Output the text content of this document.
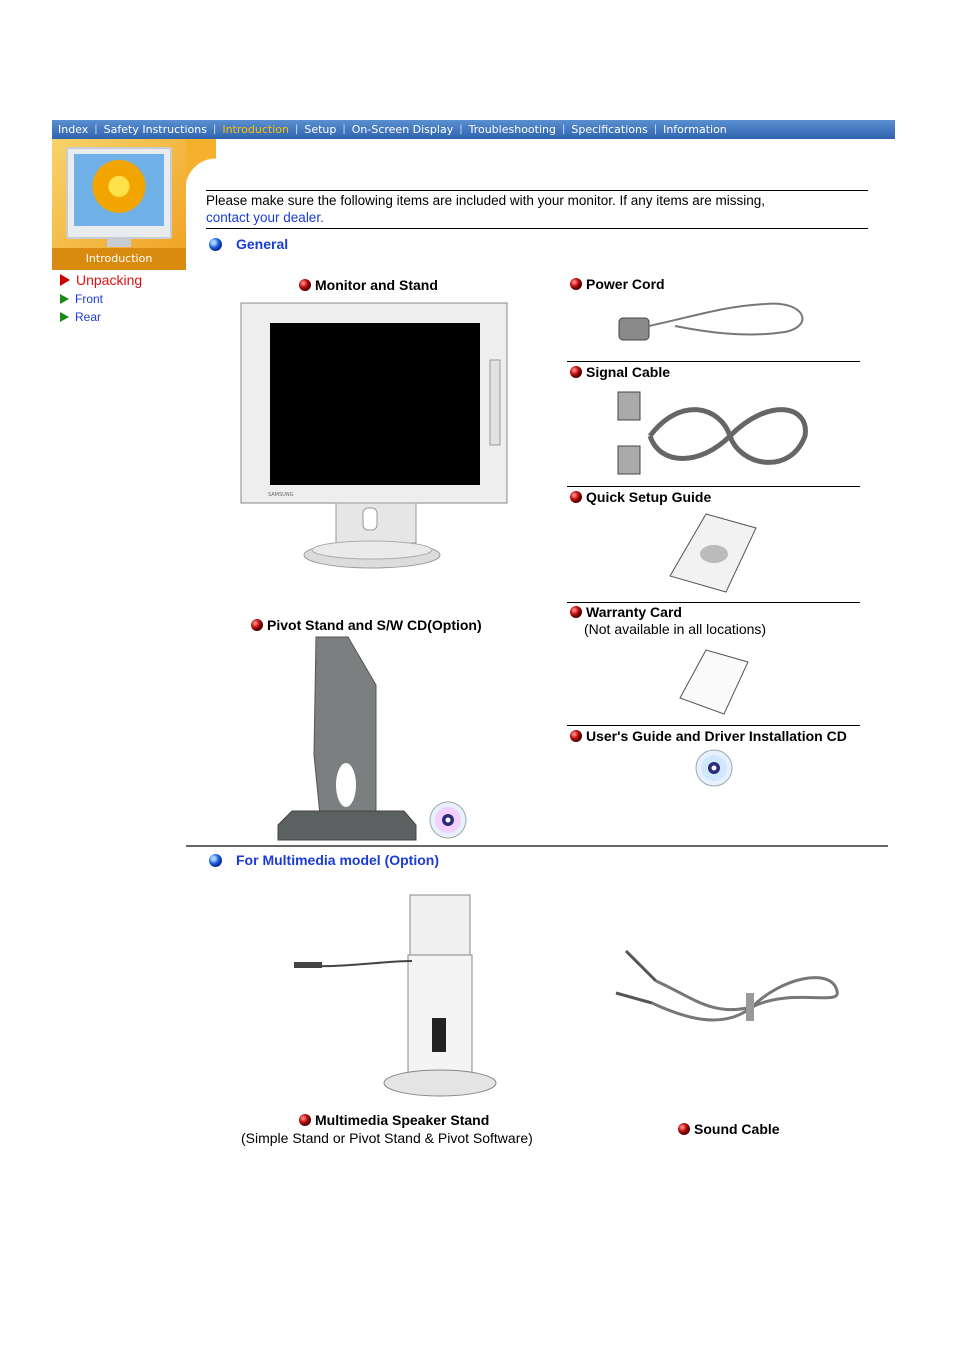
Index | Safety Instructions | Introduction | Setup | On-Screen Display | Troubleshooting | Specifications | Information
Introduction
Unpacking
Front
Rear
Please make sure the following items are included with your monitor. If any items are missing,
contact your dealer.
General
Monitor and Stand
SAMSUNG
Pivot Stand and S/W CD(Option)
Power Cord
Signal Cable
Quick Setup Guide
Warranty Card
(Not available in all locations)
User's Guide and Driver Installation CD
For Multimedia model (Option)
Multimedia Speaker Stand
(Simple Stand or Pivot Stand & Pivot Software)
Sound Cable
